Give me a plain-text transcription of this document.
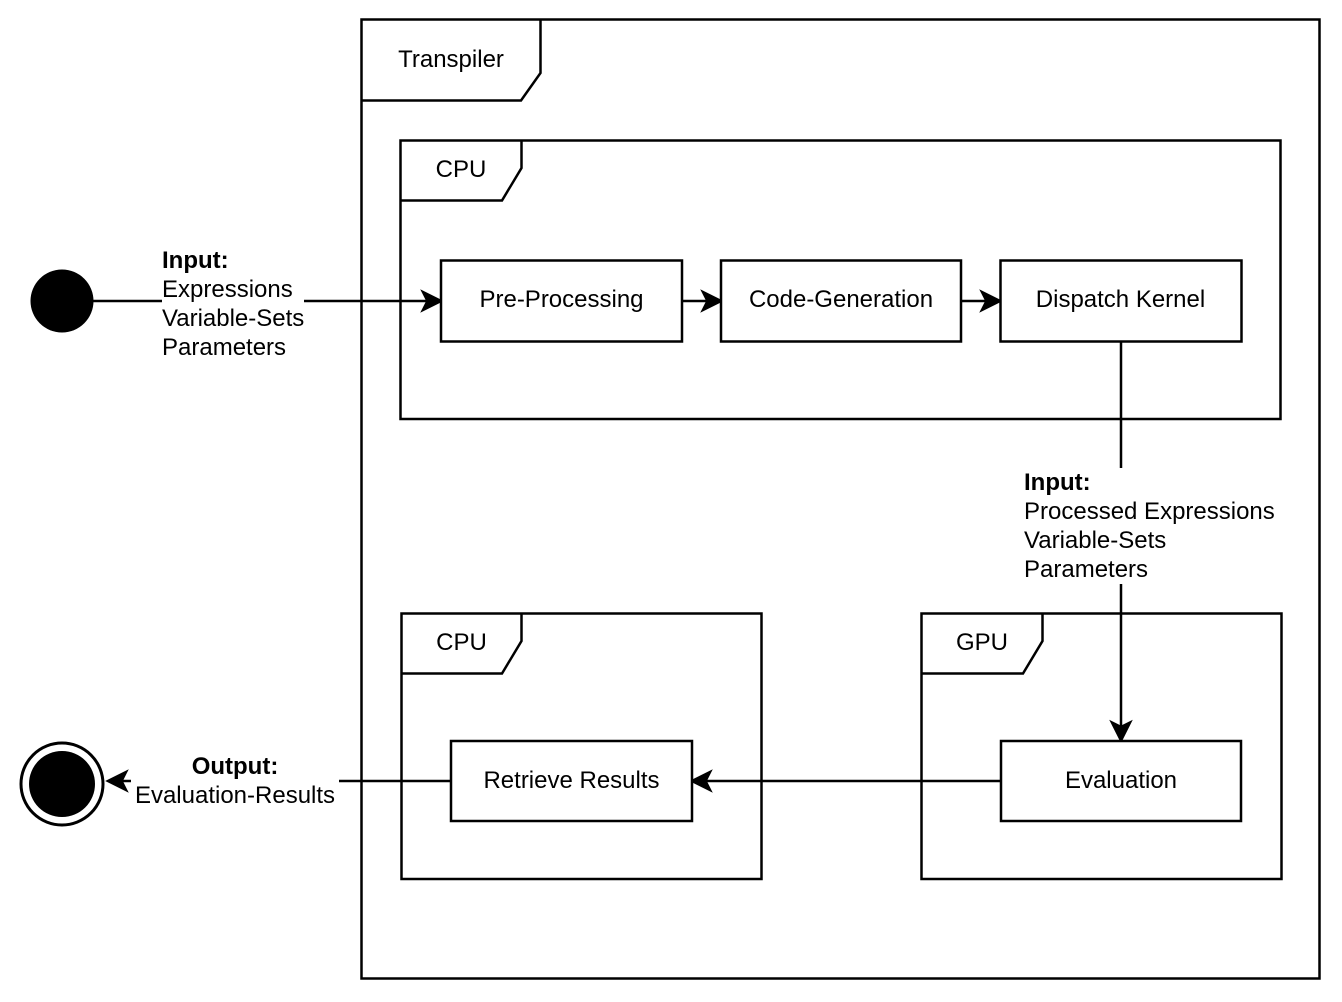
Transpiler
CPU
CPU	GPU
Pre-Processing	Code-Generation	Dispatch Kernel
Evaluation
Retrieve Results
Input:
Expressions
Variable-Sets
Parameters
Input:
Processed Expressions
Variable-Sets
Parameters
Output:
Evaluation-Results
